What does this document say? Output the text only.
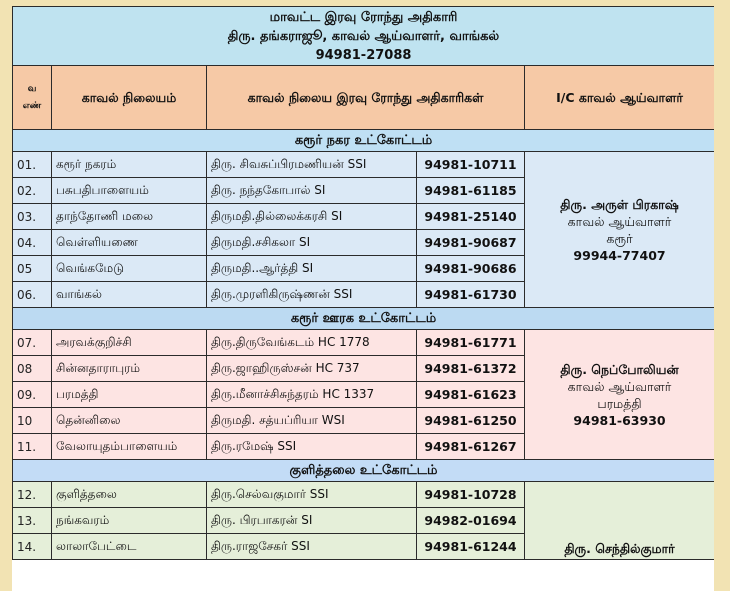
மாவட்ட இரவு ரோந்து அதிகாரி
திரு. தங்கராஜூ, காவல் ஆய்வாளர், வாங்கல்
94981-27088				

வ எண்	காவல் நிலையம்	காவல் நிலைய இரவு ரோந்து அதிகாரிகள்		I/C காவல் ஆய்வாளர்
கரூர் நகர உட்கோட்டம்				
01.	கரூர் நகரம்	திரு. சிவசுப்பிரமணியன் SSI	94981-10711	திரு. அருள் பிரகாஷ்
காவல் ஆய்வாளர்
கரூர்
99944-77407

02.	பசுபதிபாளையம்	திரு. நந்தகோபால் SI	94981-61185	
03.	தாந்தோணி மலை	திருமதி.தில்லைக்கரசி SI	94981-25140	
04.	வெள்ளியணை	திருமதி.சசிகலா SI	94981-90687	
05	வெங்கமேடு	திருமதி..ஆர்த்தி SI	94981-90686	
06.	வாங்கல்	திரு.முரளிகிருஷ்ணன் SSI	94981-61730	
கரூர் ஊரக உட்கோட்டம்				
07.	அரவக்குறிச்சி	திரு.திருவேங்கடம் HC 1778	94981-61771	திரு. நெப்போலியன்
காவல் ஆய்வாளர்
பரமத்தி
94981-63930

08	சின்னதாராபுரம்	திரு.ஜாஹிருஸ்சன் HC 737	94981-61372	
09.	பரமத்தி	திரு.மீனாச்சிசுந்தரம் HC 1337	94981-61623	
10	தென்னிலை	திருமதி. சத்யப்ரியா WSI	94981-61250	
11.	வேலாயுதம்பாளையம்	திரு.ரமேஷ் SSI	94981-61267	
குளித்தலை உட்கோட்டம்				
12.	குளித்தலை	திரு.செல்வகுமார் SSI	94981-10728	திரு. செந்தில்குமார்

13.	நங்கவரம்	திரு. பிரபாகரன் SI	94982-01694	
14.	லாலாபேட்டை	திரு.ராஜசேகர் SSI	94981-61244	
